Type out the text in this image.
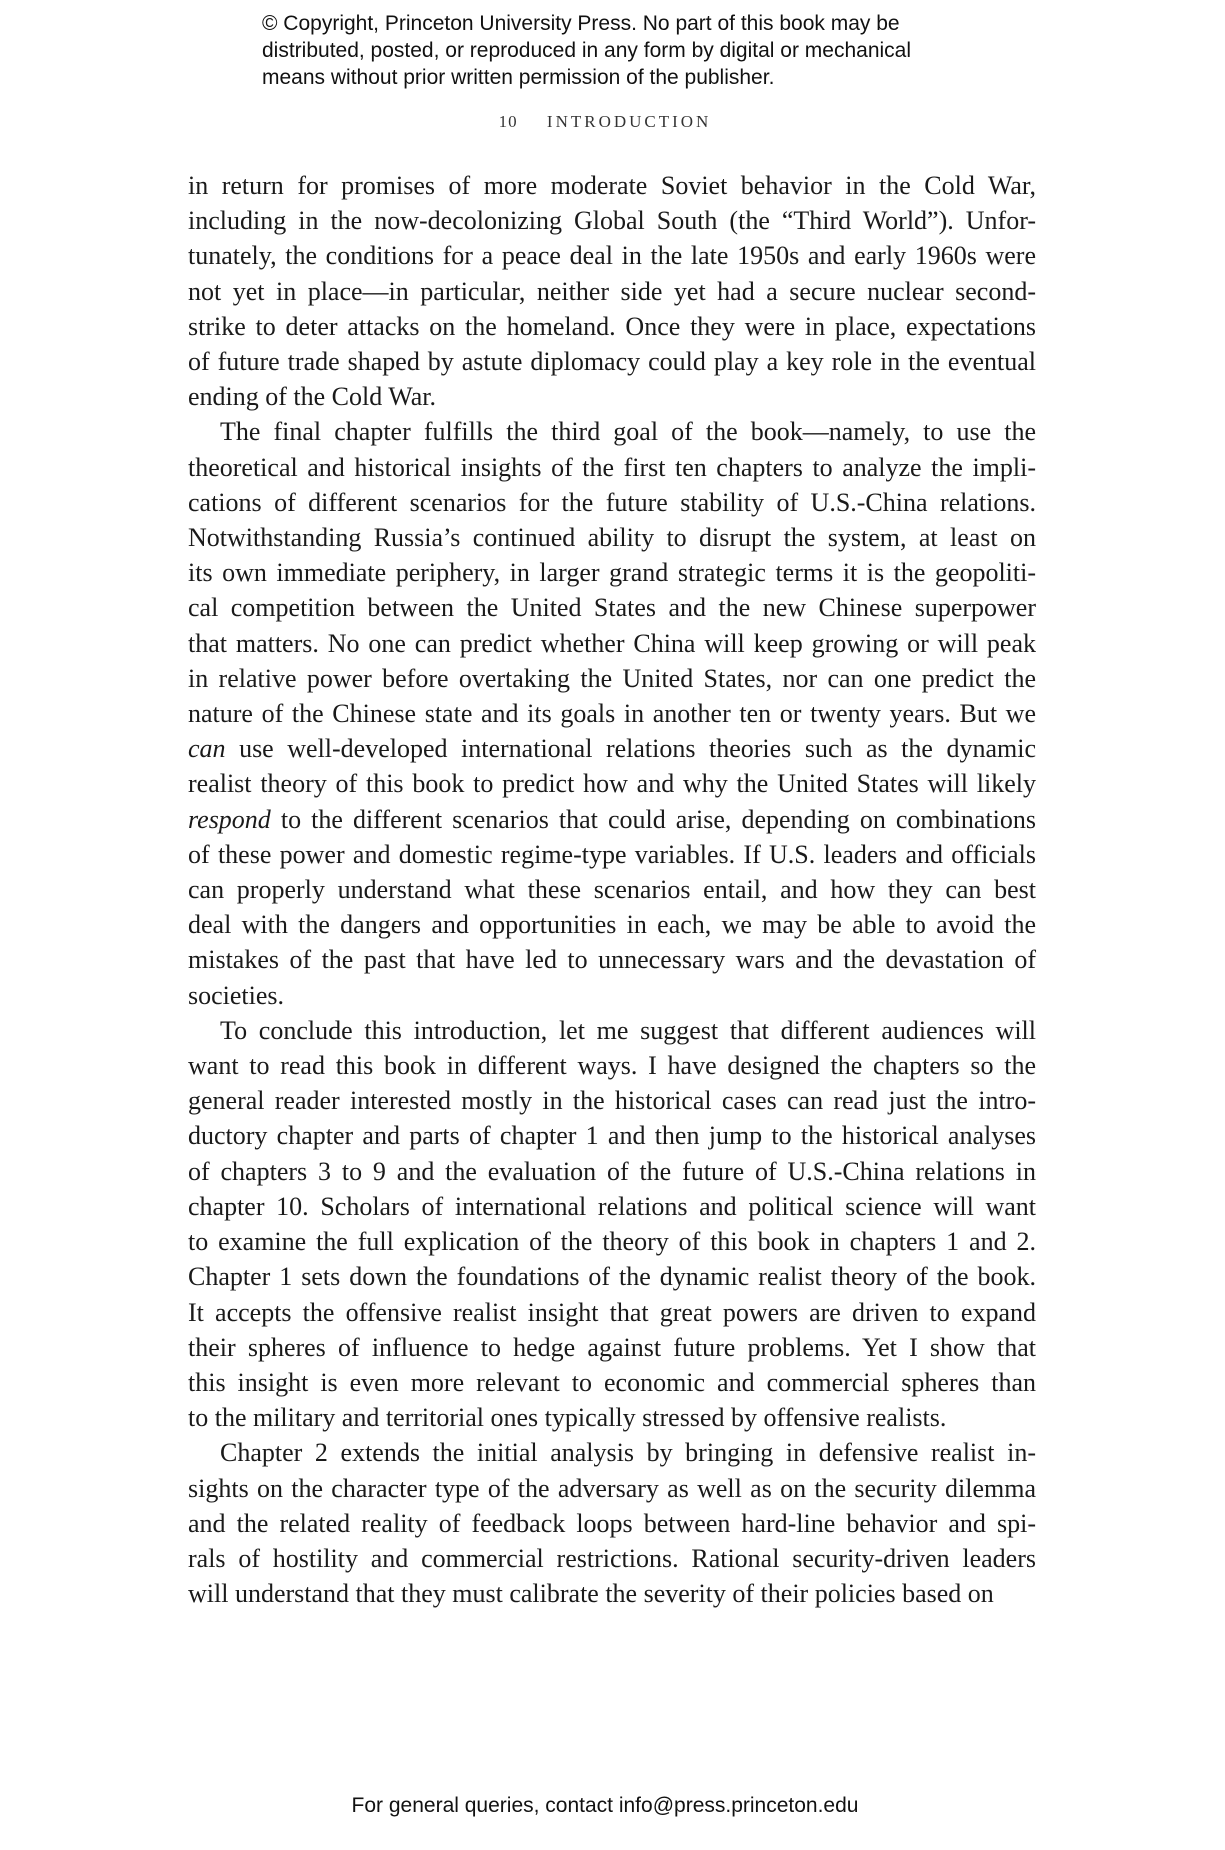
© Copyright, Princeton University Press. No part of this book may be
distributed, posted, or reproduced in any form by digital or mechanical
means without prior written permission of the publisher.
10 INTRODUCTION

in return for promises of more moderate Soviet behavior in the Cold War,
including in the now-decolonizing Global South (the “Third World”). Unfor-
tunately, the conditions for a peace deal in the late 1950s and early 1960s were
not yet in place—in particular, neither side yet had a secure nuclear second-
strike to deter attacks on the homeland. Once they were in place, expectations
of future trade shaped by astute diplomacy could play a key role in the eventual
ending of the Cold War.

The final chapter fulfills the third goal of the book—namely, to use the
theoretical and historical insights of the first ten chapters to analyze the impli-
cations of different scenarios for the future stability of U.S.-China relations.
Notwithstanding Russia’s continued ability to disrupt the system, at least on
its own immediate periphery, in larger grand strategic terms it is the geopoliti-
cal competition between the United States and the new Chinese superpower
that matters. No one can predict whether China will keep growing or will peak
in relative power before overtaking the United States, nor can one predict the
nature of the Chinese state and its goals in another ten or twenty years. But we
can use well-developed international relations theories such as the dynamic
realist theory of this book to predict how and why the United States will likely
respond to the different scenarios that could arise, depending on combinations
of these power and domestic regime-type variables. If U.S. leaders and officials
can properly understand what these scenarios entail, and how they can best
deal with the dangers and opportunities in each, we may be able to avoid the
mistakes of the past that have led to unnecessary wars and the devastation of
societies.

To conclude this introduction, let me suggest that different audiences will
want to read this book in different ways. I have designed the chapters so the
general reader interested mostly in the historical cases can read just the intro-
ductory chapter and parts of chapter 1 and then jump to the historical analyses
of chapters 3 to 9 and the evaluation of the future of U.S.-China relations in
chapter 10. Scholars of international relations and political science will want
to examine the full explication of the theory of this book in chapters 1 and 2.
Chapter 1 sets down the foundations of the dynamic realist theory of the book.
It accepts the offensive realist insight that great powers are driven to expand
their spheres of influence to hedge against future problems. Yet I show that
this insight is even more relevant to economic and commercial spheres than
to the military and territorial ones typically stressed by offensive realists.

Chapter 2 extends the initial analysis by bringing in defensive realist in-
sights on the character type of the adversary as well as on the security dilemma
and the related reality of feedback loops between hard-line behavior and spi-
rals of hostility and commercial restrictions. Rational security-driven leaders
will understand that they must calibrate the severity of their policies based on

For general queries, contact info@press.princeton.edu
